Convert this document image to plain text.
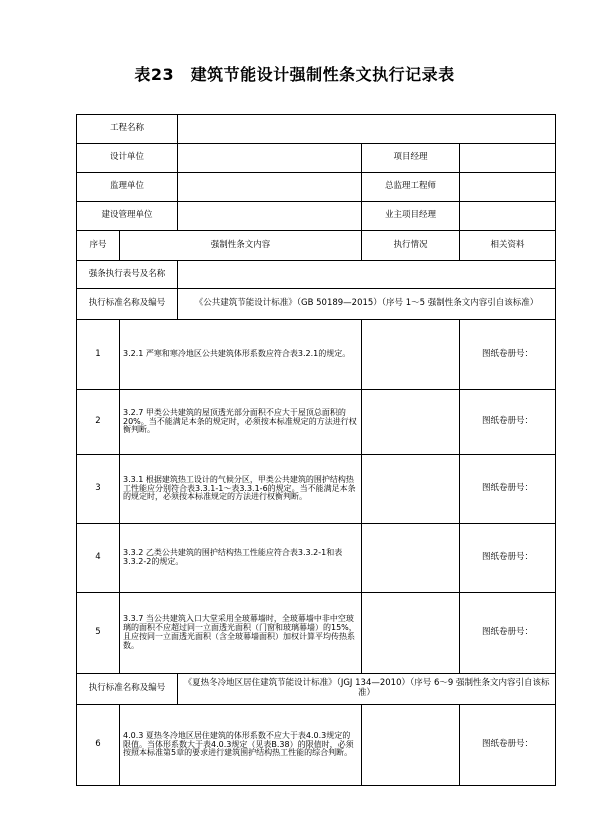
表23　建筑节能设计强制性条文执行记录表
工程名称				
设计单位			项目经理	
监理单位			总监理工程师	
建设管理单位			业主项目经理	
序号	强制性条文内容		执行情况	相关资料
强条执行表号及名称				
执行标准名称及编号		《公共建筑节能设计标准》（GB 50189—2015）（序号 1～5 强制性条文内容引自该标准）		
1	3.2.1 严寒和寒冷地区公共建筑体形系数应符合表3.2.1的规定。			图纸卷册号：
2	3.2.7 甲类公共建筑的屋顶透光部分面积不应大于屋顶总面积的20%。当不能满足本条的规定时，必须按本标准规定的方法进行权衡判断。			图纸卷册号：
3	3.3.1 根据建筑热工设计的气候分区，甲类公共建筑的围护结构热工性能应分别符合表3.3.1-1～表3.3.1-6的规定。当不能满足本条的规定时，必须按本标准规定的方法进行权衡判断。			图纸卷册号：
4	3.3.2 乙类公共建筑的围护结构热工性能应符合表3.3.2-1和表3.3.2-2的规定。			图纸卷册号：
5	3.3.7 当公共建筑入口大堂采用全玻幕墙时，全玻幕墙中非中空玻璃的面积不应超过同一立面透光面积（门窗和玻璃幕墙）的15%，且应按同一立面透光面积（含全玻幕墙面积）加权计算平均传热系数。			图纸卷册号：
执行标准名称及编号		《夏热冬冷地区居住建筑节能设计标准》（JGJ 134—2010）（序号 6～9 强制性条文内容引自该标准）		
6	4.0.3 夏热冬冷地区居住建筑的体形系数不应大于表4.0.3规定的限值。当体形系数大于表4.0.3规定（见表B.38）的限值时，必须按照本标准第5章的要求进行建筑围护结构热工性能的综合判断。			图纸卷册号：
